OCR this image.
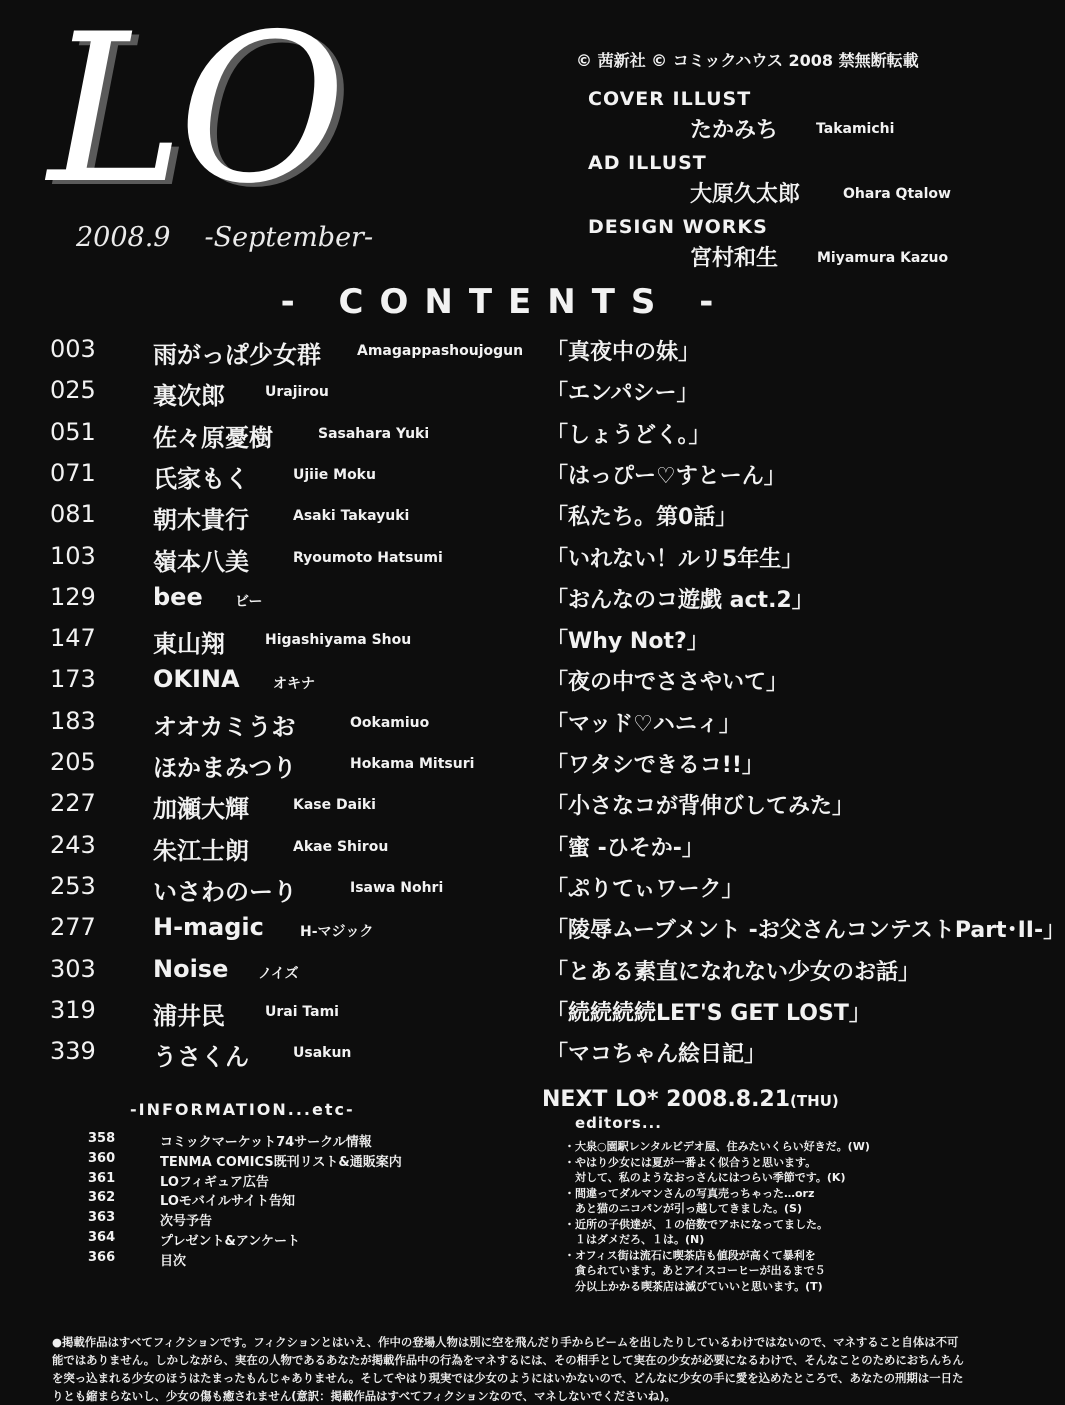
LO
2008.9 -September-
© 茜新社 © コミックハウス 2008 禁無断転載
COVER ILLUST
たかみち	Takamichi
AD ILLUST
大原久太郎	Ohara Qtalow
DESIGN WORKS
宮村和生	Miyamura Kazuo
- CONTENTS -
003 雨がっぱ少女群	Amagappashoujogun 「真夜中の妹」
025 裏次郎	Urajirou	「エンパシー」
051 佐々原憂樹	Sasahara Yuki	「しょうどく。」
071 氏家もく	Ujiie Moku	「はっぴー♡すとーん」
081 朝木貴行	Asaki Takayuki	「私たち。第0話」
103 嶺本八美	Ryoumoto Hatsumi	「いれない！ルリ5年生」
129 bee ビー	「おんなのコ遊戯 act.2」
147 東山翔	Higashiyama Shou	「Why Not?」
173 OKINA オキナ	「夜の中でささやいて」
183 オオカミうお	Ookamiuo	「マッド♡ハニィ」
205 ほかまみつり	Hokama Mitsuri	「ワタシできるコ!!」
227 加瀬大輝	Kase Daiki	「小さなコが背伸びしてみた」
243 朱江士朗	Akae Shirou	「蜜 -ひそか-」
253 いさわのーり	Isawa Nohri	「ぷりてぃワーク」
277 H-magic	H-マジック	「陵辱ムーブメント -お父さんコンテストPart･II-」
303 Noise ノイズ	「とある素直になれない少女のお話」
319 浦井民	Urai Tami	「続続続続LET'S GET LOST」
339 うさくん	Usakun	「マコちゃん絵日記」
-INFORMATION...etc-
358	コミックマーケット74サークル情報
360	TENMA COMICS既刊リスト&通販案内
361	LOフィギュア広告
362	LOモバイルサイト告知
363	次号予告
364	プレゼント&アンケート
366	目次
NEXT LO* 2008.8.21(THU)
editors...
・大泉○園駅レンタルビデオ屋、住みたいくらい好きだ。(W)
・やはり少女には夏が一番よく似合うと思います。
　対して、私のようなおっさんにはつらい季節です。(K)
・間違ってダルマンさんの写真売っちゃった…orz
　あと猫のニコパンが引っ越してきました。(S)
・近所の子供達が、１の倍数でアホになってました。
　１はダメだろ、１は。(N)
・オフィス街は流石に喫茶店も値段が高くて暴利を
　貪られています。あとアイスコーヒーが出るまで５
　分以上かかる喫茶店は滅びていいと思います。(T)
●掲載作品はすべてフィクションです。フィクションとはいえ、作中の登場人物は別に空を飛んだり手からビームを出したりしているわけではないので、マネすること自体は不可能ではありません。しかしながら、実在の人物であるあなたが掲載作品中の行為をマネするには、その相手として実在の少女が必要になるわけで、そんなことのためにおちんちんを突っ込まれる少女のほうはたまったもんじゃありません。そしてやはり現実では少女のようにはいかないので、どんなに少女の手に愛を込めたところで、あなたの刑期は一日たりとも縮まらないし、少女の傷も癒されません(意訳：掲載作品はすべてフィクションなので、マネしないでくださいね)。
